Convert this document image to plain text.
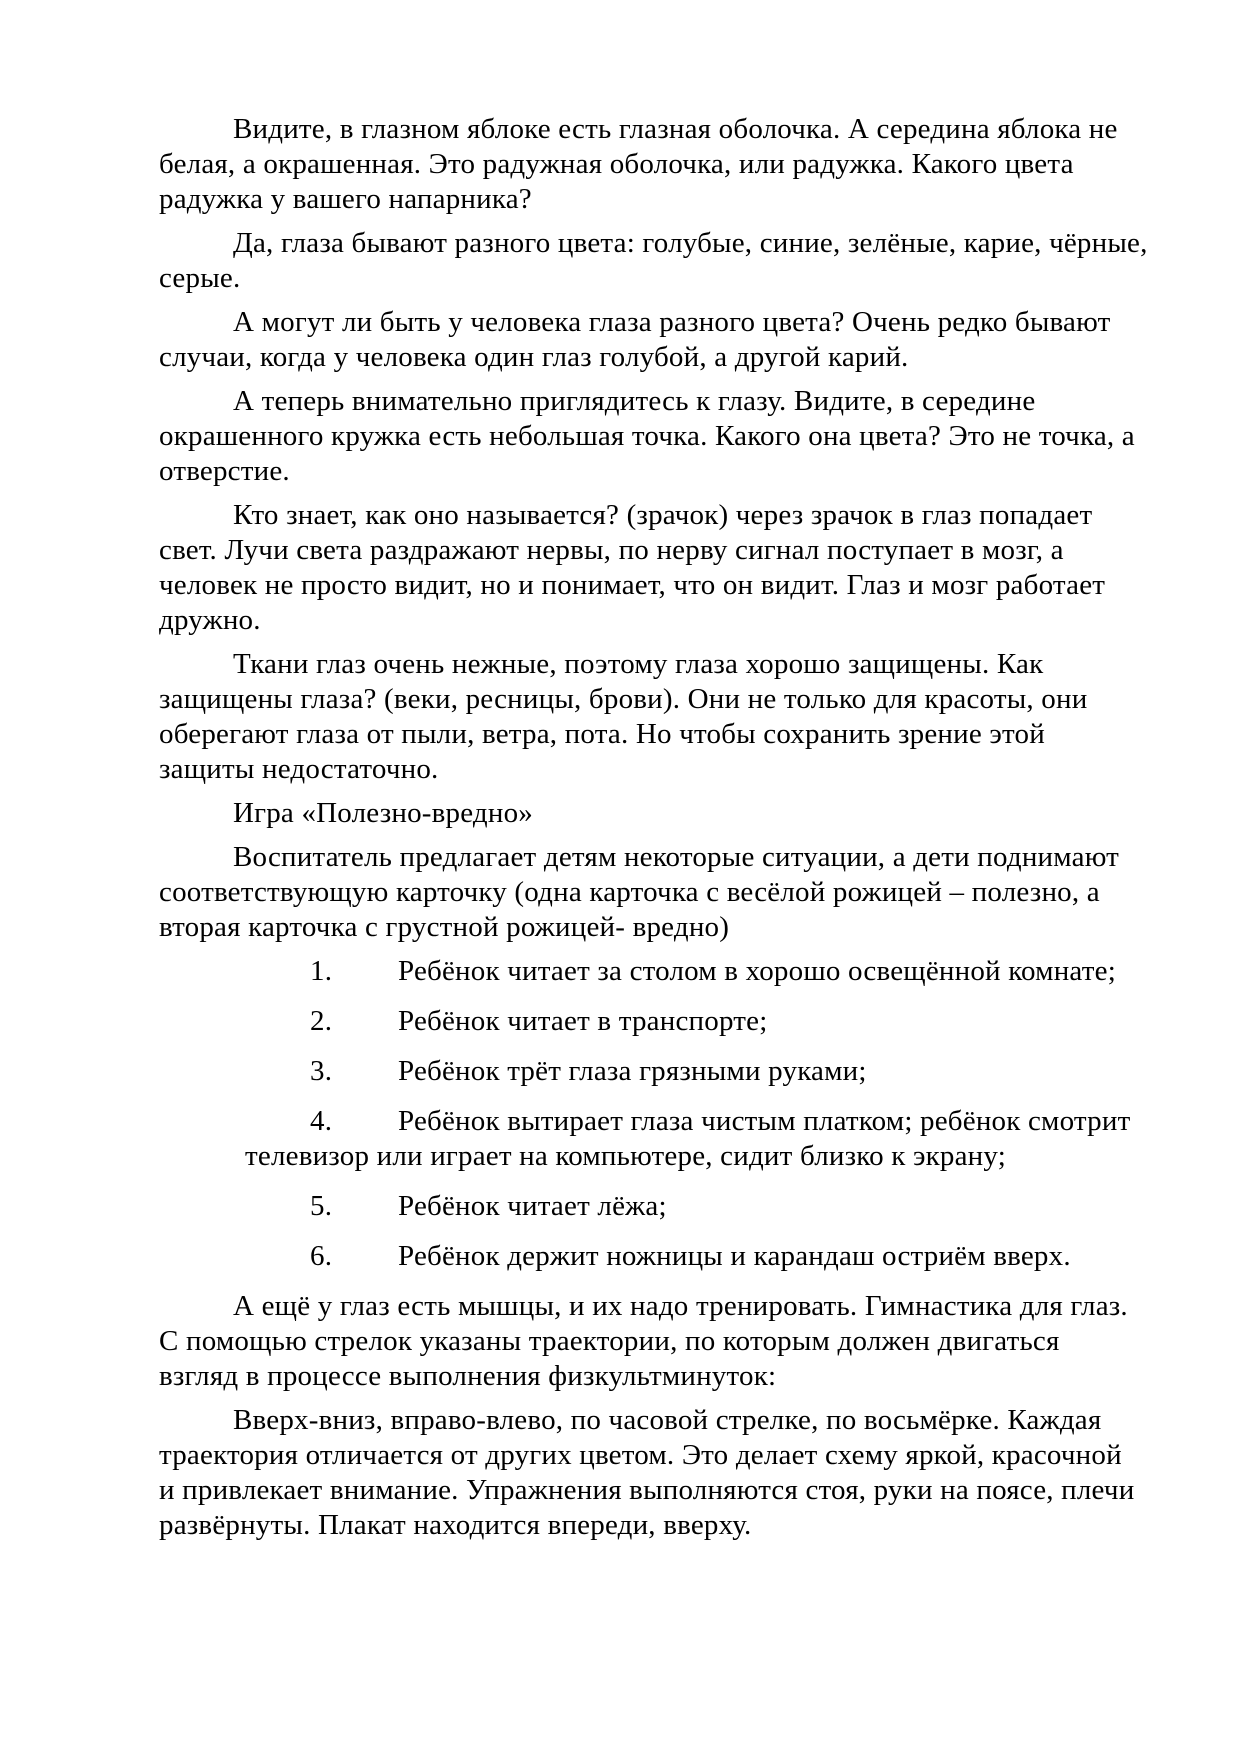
Видите, в глазном яблоке есть глазная оболочка. А середина яблока не
белая, а окрашенная. Это радужная оболочка, или радужка. Какого цвета
радужка у вашего напарника?
Да, глаза бывают разного цвета: голубые, синие, зелёные, карие, чёрные,
серые.
А могут ли быть у человека глаза разного цвета? Очень редко бывают
случаи, когда у человека один глаз голубой, а другой карий.
А теперь внимательно приглядитесь к глазу. Видите, в середине
окрашенного кружка есть небольшая точка. Какого она цвета? Это не точка, а
отверстие.
Кто знает, как оно называется? (зрачок) через зрачок в глаз попадает
свет. Лучи света раздражают нервы, по нерву сигнал поступает в мозг, а
человек не просто видит, но и понимает, что он видит. Глаз и мозг работает
дружно.
Ткани глаз очень нежные, поэтому глаза хорошо защищены. Как
защищены глаза? (веки, ресницы, брови). Они не только для красоты, они
оберегают глаза от пыли, ветра, пота. Но чтобы сохранить зрение этой
защиты недостаточно.
Игра «Полезно-вредно»
Воспитатель предлагает детям некоторые ситуации, а дети поднимают
соответствующую карточку (одна карточка с весёлой рожицей – полезно, а
вторая карточка с грустной рожицей- вредно)
1. Ребёнок читает за столом в хорошо освещённой комнате;
2. Ребёнок читает в транспорте;
3. Ребёнок трёт глаза грязными руками;
4. Ребёнок вытирает глаза чистым платком; ребёнок смотрит
телевизор или играет на компьютере, сидит близко к экрану;
5. Ребёнок читает лёжа;
6. Ребёнок держит ножницы и карандаш остриём вверх.
А ещё у глаз есть мышцы, и их надо тренировать. Гимнастика для глаз.
С помощью стрелок указаны траектории, по которым должен двигаться
взгляд в процессе выполнения физкультминуток:
Вверх-вниз, вправо-влево, по часовой стрелке, по восьмёрке. Каждая
траектория отличается от других цветом. Это делает схему яркой, красочной
и привлекает внимание. Упражнения выполняются стоя, руки на поясе, плечи
развёрнуты. Плакат находится впереди, вверху.
